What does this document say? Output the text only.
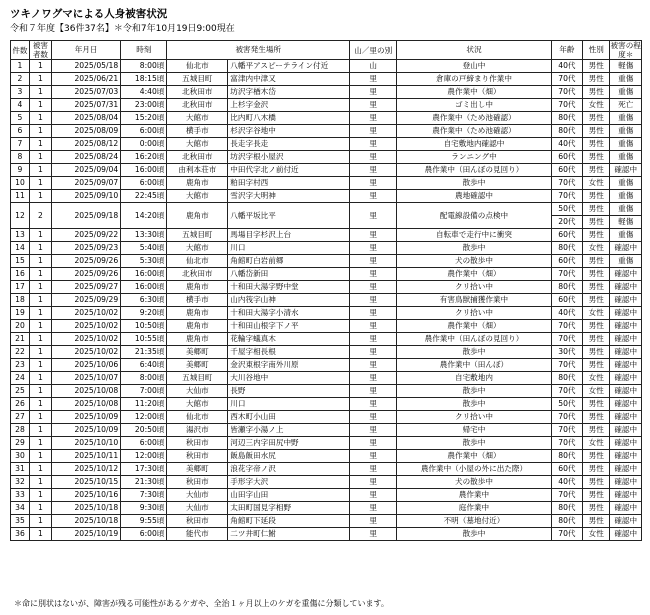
ツキノワグマによる人身被害状況
令和７年度【36件37名】＊令和7年10月19日9:00現在
件数	被害者数	年月日	時刻	被害発生場所		山／里の別	状況	年齢	性別	被害の程度＊
1	1	2025/05/18	8:00頃	仙北市	八幡平アスピーテライン付近	山	登山中	40代	男性	軽傷
2	1	2025/06/21	18:15頃	五城目町	富津内中津又	里	倉庫の戸締まり作業中	70代	男性	重傷
3	1	2025/07/03	4:40頃	北秋田市	坊沢字楢木岱	里	農作業中（畑）	70代	男性	重傷
4	1	2025/07/31	23:00頃	北秋田市	上杉字金沢	里	ゴミ出し中	70代	女性	死亡
5	1	2025/08/04	15:20頃	大館市	比内町八木橋	里	農作業中（ため池確認）	80代	男性	重傷
6	1	2025/08/09	6:00頃	横手市	杉沢字谷地中	里	農作業中（ため池確認）	80代	男性	重傷
7	1	2025/08/12	0:00頃	大館市	長走字長走	里	自宅敷地内確認中	40代	男性	重傷
8	1	2025/08/24	16:20頃	北秋田市	坊沢字根小屋沢	里	ランニング中	60代	男性	重傷
9	1	2025/09/04	16:00頃	由利本荘市	中田代字北ノ前付近	里	農作業中（田んぼの見回り）	60代	男性	確認中
10	1	2025/09/07	6:00頃	鹿角市	粕田字村西	里	散歩中	70代	女性	重傷
11	1	2025/09/10	22:45頃	大館市	雪沢字大明神	里	農地確認中	70代	男性	重傷
12	2	2025/09/18	14:20頃	鹿角市	八幡平坂比平	里	配電線設備の点検中	50代	男性	重傷
								20代	男性	軽傷
13	1	2025/09/22	13:30頃	五城目町	馬場目字杉沢上台	里	自転車で走行中に衝突	60代	男性	重傷
14	1	2025/09/23	5:40頃	大館市	川口	里	散歩中	80代	女性	確認中
15	1	2025/09/26	5:30頃	仙北市	角館町白岩前郷	里	犬の散歩中	60代	男性	重傷
16	1	2025/09/26	16:00頃	北秋田市	八幡岱新田	里	農作業中（畑）	70代	男性	確認中
17	1	2025/09/27	16:00頃	鹿角市	十和田大湯字野中堂	里	クリ拾い中	80代	男性	確認中
18	1	2025/09/29	6:30頃	横手市	山内筏字山神	里	有害鳥獣捕獲作業中	60代	男性	確認中
19	1	2025/10/02	9:20頃	鹿角市	十和田大湯字小清水	里	クリ拾い中	40代	女性	確認中
20	1	2025/10/02	10:50頃	鹿角市	十和田山根字下ノ平	里	農作業中（畑）	70代	男性	確認中
21	1	2025/10/02	10:55頃	鹿角市	花輪字蟻真木	里	農作業中（田んぼの見回り）	70代	男性	確認中
22	1	2025/10/02	21:35頃	美郷町	千屋字相長根	里	散歩中	30代	男性	確認中
23	1	2025/10/06	6:40頃	美郷町	金沢東根字南外川原	里	農作業中（田んぼ）	70代	男性	確認中
24	1	2025/10/07	8:00頃	五城目町	大川谷地中	里	自宅敷地内	80代	女性	確認中
25	1	2025/10/08	7:00頃	大仙市	長野	里	散歩中	70代	女性	確認中
26	1	2025/10/08	11:20頃	大館市	川口	里	散歩中	50代	男性	確認中
27	1	2025/10/09	12:00頃	仙北市	西木町小山田	里	クリ拾い中	70代	男性	確認中
28	1	2025/10/09	20:50頃	湯沢市	皆瀬字小湯ノ上	里	帰宅中	70代	男性	確認中
29	1	2025/10/10	6:00頃	秋田市	河辺三内字田尻中野	里	散歩中	70代	女性	確認中
30	1	2025/10/11	12:00頃	秋田市	飯島飯田水尻	里	農作業中（畑）	80代	男性	確認中
31	1	2025/10/12	17:30頃	美郷町	浪花字帝ノ沢	里	農作業中（小屋の外に出た際）	60代	男性	確認中
32	1	2025/10/15	21:30頃	秋田市	手形字大沢	里	犬の散歩中	40代	男性	確認中
33	1	2025/10/16	7:30頃	大仙市	山田字山田	里	農作業中	70代	男性	確認中
34	1	2025/10/18	9:30頃	大仙市	太田町国見字相野	里	庭作業中	80代	男性	確認中
35	1	2025/10/18	9:55頃	秋田市	角館町下延段	里	不明（墓地付近）	80代	男性	確認中
36	1	2025/10/19	6:00頃	能代市	二ツ井町仁鮒	里	散歩中	70代	女性	確認中
＊命に別状はないが、障害が残る可能性があるケガや、全治１ヶ月以上のケガを重傷に分類しています。
